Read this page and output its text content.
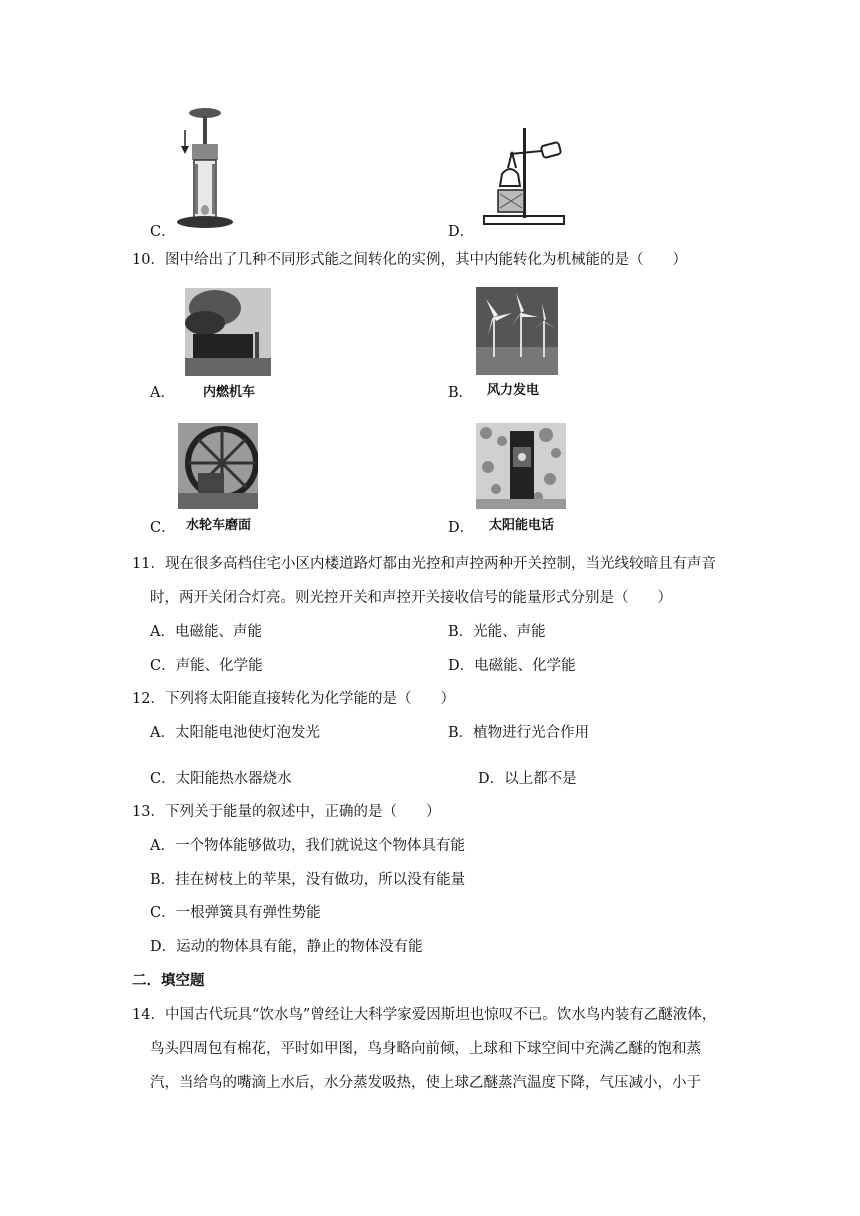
C．	D．
10．图中给出了几种不同形式能之间转化的实例，其中内能转化为机械能的是（　　）
A． 内燃机车	B． 风力发电
C． 水轮车磨面	D． 太阳能电话
11．现在很多高档住宅小区内楼道路灯都由光控和声控两种开关控制，当光线较暗且有声音
时，两开关闭合灯亮。则光控开关和声控开关接收信号的能量形式分别是（　　）
A．电磁能、声能	B．光能、声能
C．声能、化学能	D．电磁能、化学能
12．下列将太阳能直接转化为化学能的是（　　）
A．太阳能电池使灯泡发光	B．植物进行光合作用
C．太阳能热水器烧水	D．以上都不是
13．下列关于能量的叙述中，正确的是（　　）
A．一个物体能够做功，我们就说这个物体具有能
B．挂在树枝上的苹果，没有做功，所以没有能量
C．一根弹簧具有弹性势能
D．运动的物体具有能，静止的物体没有能
二．填空题
14．中国古代玩具“饮水鸟”曾经让大科学家爱因斯坦也惊叹不已。饮水鸟内装有乙醚液体，
鸟头四周包有棉花，平时如甲图，鸟身略向前倾，上球和下球空间中充满乙醚的饱和蒸
汽，当给鸟的嘴滴上水后，水分蒸发吸热，使上球乙醚蒸汽温度下降，气压减小，小于
